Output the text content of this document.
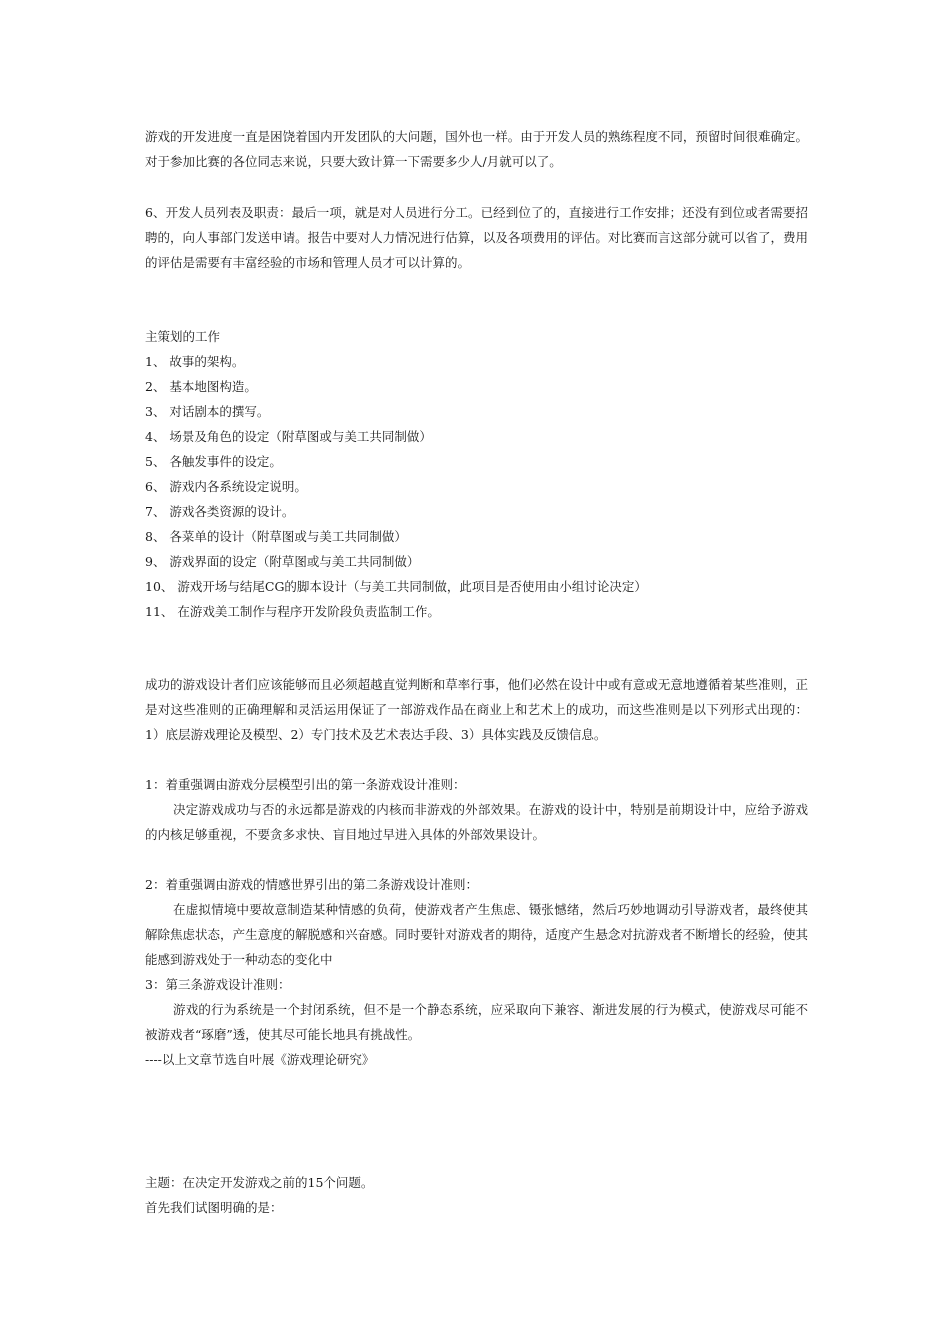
游戏的开发进度一直是困饶着国内开发团队的大问题，国外也一样。由于开发人员的熟练程度不同，预留时间很难确定。对于参加比赛的各位同志来说，只要大致计算一下需要多少人/月就可以了。

6、开发人员列表及职责：最后一项，就是对人员进行分工。已经到位了的，直接进行工作安排；还没有到位或者需要招聘的，向人事部门发送申请。报告中要对人力情况进行估算，以及各项费用的评估。对比赛而言这部分就可以省了，费用的评估是需要有丰富经验的市场和管理人员才可以计算的。

主策划的工作

1、 故事的架构。

2、 基本地图构造。

3、 对话剧本的撰写。

4、 场景及角色的设定（附草图或与美工共同制做）

5、 各触发事件的设定。

6、 游戏内各系统设定说明。

7、 游戏各类资源的设计。

8、 各菜单的设计（附草图或与美工共同制做）

9、 游戏界面的设定（附草图或与美工共同制做）

10、 游戏开场与结尾CG的脚本设计（与美工共同制做，此项目是否使用由小组讨论决定）

11、 在游戏美工制作与程序开发阶段负责监制工作。

成功的游戏设计者们应该能够而且必须超越直觉判断和草率行事，他们必然在设计中或有意或无意地遵循着某些准则，正是对这些准则的正确理解和灵活运用保证了一部游戏作品在商业上和艺术上的成功，而这些准则是以下列形式出现的：1）底层游戏理论及模型、2）专门技术及艺术表达手段、3）具体实践及反馈信息。

1：着重强调由游戏分层模型引出的第一条游戏设计准则：

决定游戏成功与否的永远都是游戏的内核而非游戏的外部效果。在游戏的设计中，特别是前期设计中，应给予游戏的内核足够重视，不要贪多求快、盲目地过早进入具体的外部效果设计。

2：着重强调由游戏的情感世界引出的第二条游戏设计准则：

在虚拟情境中要故意制造某种情感的负荷，使游戏者产生焦虑、镊张憾绪，然后巧妙地调动引导游戏者，最终使其解除焦虑状态，产生意度的解脱感和兴奋感。同时要针对游戏者的期待，适度产生悬念对抗游戏者不断增长的经验，使其能感到游戏处于一种动态的变化中

3：第三条游戏设计准则：

游戏的行为系统是一个封闭系统，但不是一个静态系统，应采取向下兼容、渐进发展的行为模式，使游戏尽可能不被游戏者“琢磨”透，使其尽可能长地具有挑战性。

----以上文章节选自叶展《游戏理论研究》

主题：在决定开发游戏之前的15个问题。

首先我们试图明确的是：
